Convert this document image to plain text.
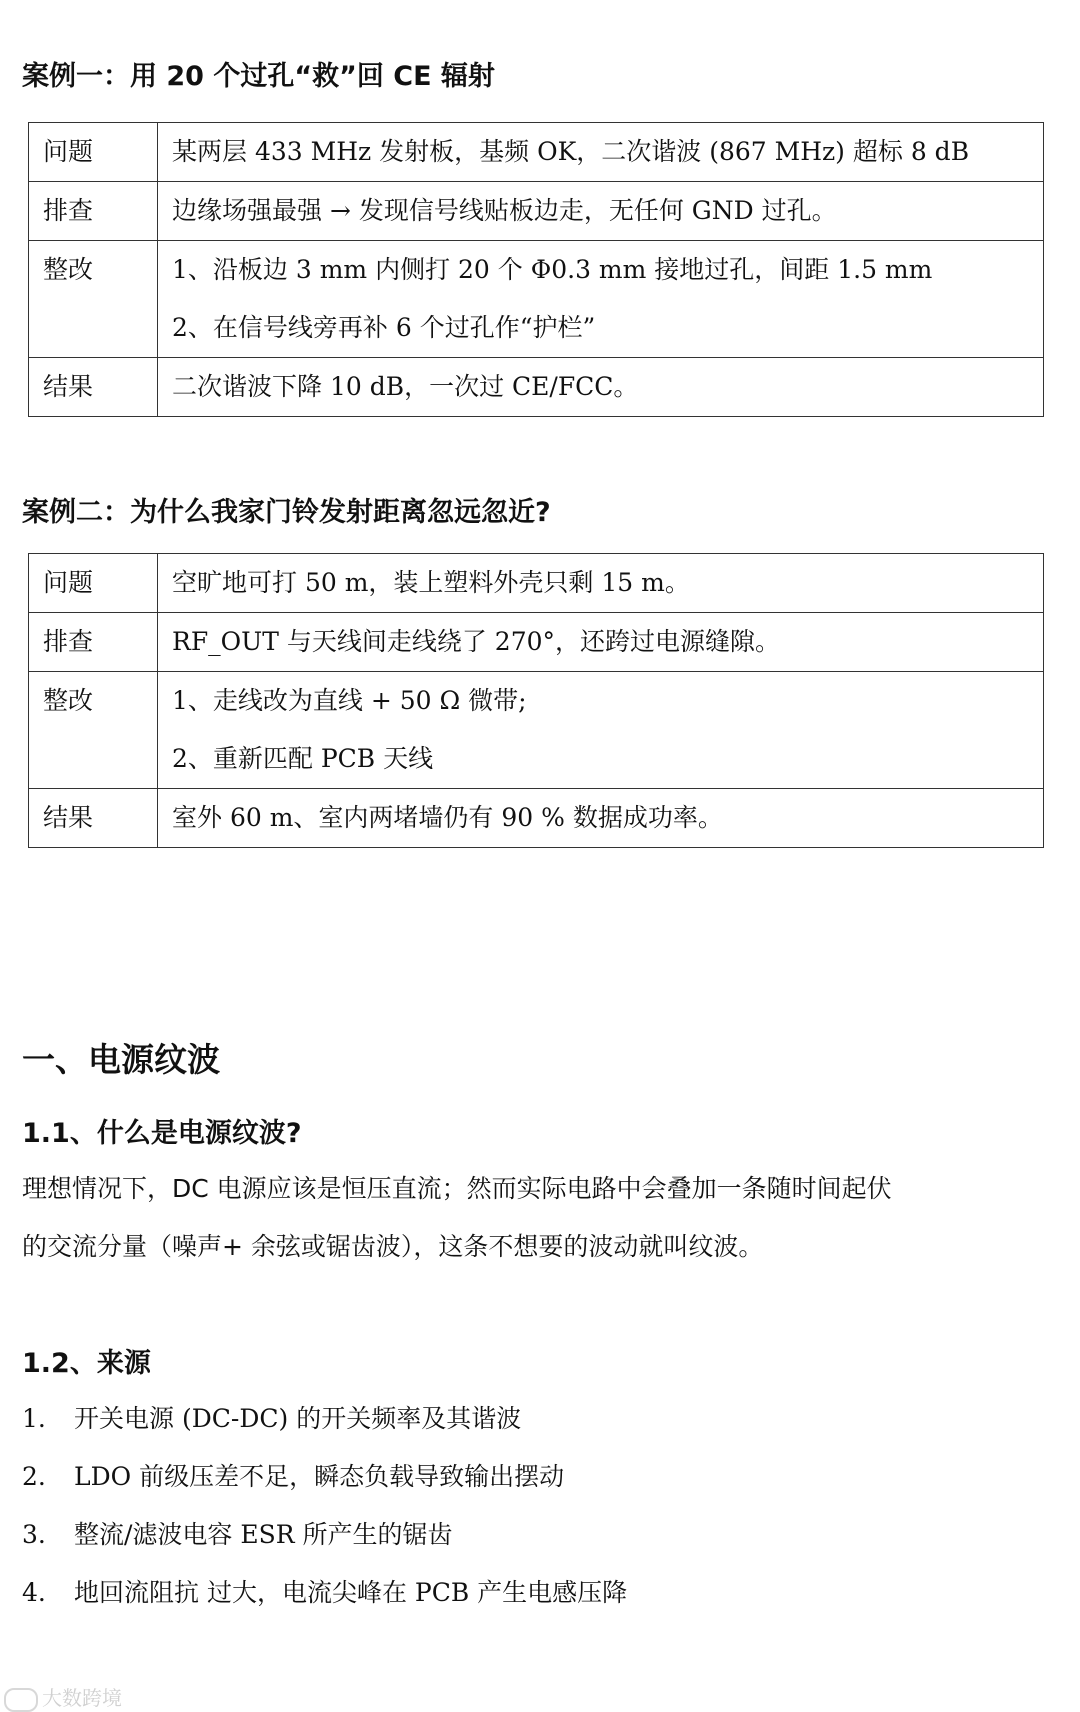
案例一：用 20 个过孔“救”回 CE 辐射
问题	某两层 433 MHz 发射板，基频 OK，二次谐波 (867 MHz) 超标 8 dB

排查	边缘场强最强 → 发现信号线贴板边走，无任何 GND 过孔。

整改	1、沿板边 3 mm 内侧打 20 个 Φ0.3 mm 接地过孔，间距 1.5 mm
2、在信号线旁再补 6 个过孔作“护栏”

结果	二次谐波下降 10 dB，一次过 CE/FCC。
案例二：为什么我家门铃发射距离忽远忽近?
问题	空旷地可打 50 m，装上塑料外壳只剩 15 m。

排查	RF_OUT 与天线间走线绕了 270°，还跨过电源缝隙。

整改	1、走线改为直线 + 50 Ω 微带;
2、重新匹配 PCB 天线

结果	室外 60 m、室内两堵墙仍有 90 % 数据成功率。
一、电源纹波
1.1、什么是电源纹波?

理想情况下，DC 电源应该是恒压直流；然而实际电路中会叠加一条随时间起伏

的交流分量（噪声+ 余弦或锯齿波），这条不想要的波动就叫纹波。

1.2、来源
1. 开关电源 (DC-DC) 的开关频率及其谐波
2. LDO 前级压差不足，瞬态负载导致输出摆动
3. 整流/滤波电容 ESR 所产生的锯齿
4. 地回流阻抗 过大，电流尖峰在 PCB 产生电感压降
大数跨境
